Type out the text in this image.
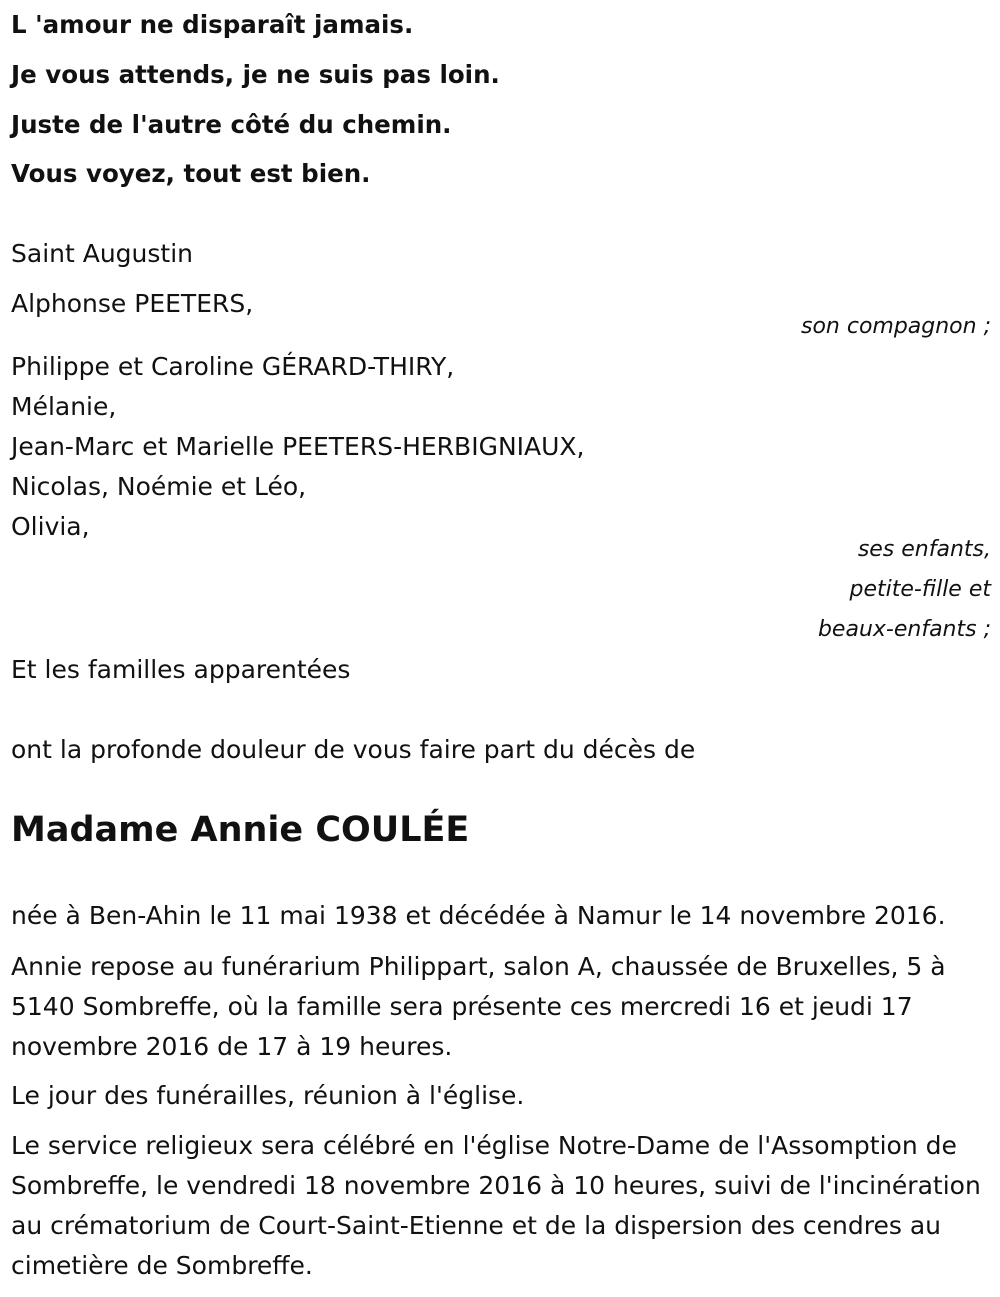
L 'amour ne disparaît jamais.
Je vous attends, je ne suis pas loin.
Juste de l'autre côté du chemin.
Vous voyez, tout est bien.
Saint Augustin
Alphonse PEETERS,
son compagnon ;
Philippe et Caroline GÉRARD-THIRY,
Mélanie,
Jean-Marc et Marielle PEETERS-HERBIGNIAUX,
Nicolas, Noémie et Léo,
Olivia,
ses enfants,
petite-fille et
beaux-enfants ;
Et les familles apparentées
ont la profonde douleur de vous faire part du décès de
Madame Annie COULÉE
née à Ben-Ahin le 11 mai 1938 et décédée à Namur le 14 novembre 2016.
Annie repose au funérarium Philippart, salon A, chaussée de Bruxelles, 5 à 5140 Sombreffe, où la famille sera présente ces mercredi 16 et jeudi 17 novembre 2016 de 17 à 19 heures.
Le jour des funérailles, réunion à l'église.
Le service religieux sera célébré en l'église Notre-Dame de l'Assomption de Sombreffe, le vendredi 18 novembre 2016 à 10 heures, suivi de l'incinération au crématorium de Court-Saint-Etienne et de la dispersion des cendres au cimetière de Sombreffe.
